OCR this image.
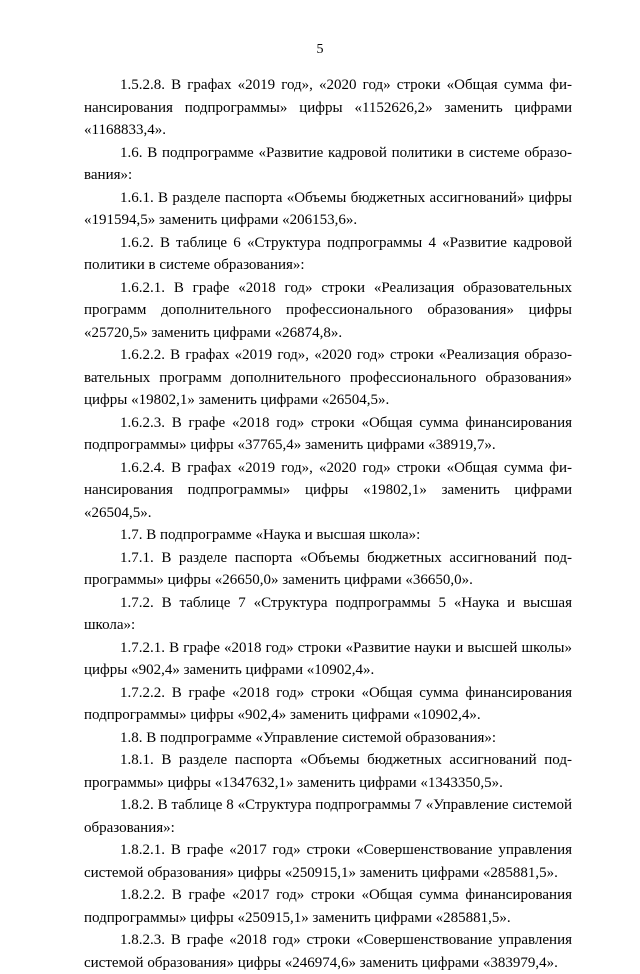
5

1.5.2.8. В графах «2019 год», «2020 год» строки «Общая сумма финансирования подпрограммы» цифры «1152626,2» заменить цифрами «1168833,4».

1.6. В подпрограмме «Развитие кадровой политики в системе образования»:

1.6.1. В разделе паспорта «Объемы бюджетных ассигнований» цифры «191594,5» заменить цифрами «206153,6».

1.6.2. В таблице 6 «Структура подпрограммы 4 «Развитие кадровой политики в системе образования»:

1.6.2.1. В графе «2018 год» строки «Реализация образовательных программ дополнительного профессионального образования» цифры «25720,5» заменить цифрами «26874,8».

1.6.2.2. В графах «2019 год», «2020 год» строки «Реализация образовательных программ дополнительного профессионального образования» цифры «19802,1» заменить цифрами «26504,5».

1.6.2.3. В графе «2018 год» строки «Общая сумма финансирования подпрограммы» цифры «37765,4» заменить цифрами «38919,7».

1.6.2.4. В графах «2019 год», «2020 год» строки «Общая сумма финансирования подпрограммы» цифры «19802,1» заменить цифрами «26504,5».

1.7. В подпрограмме «Наука и высшая школа»:

1.7.1. В разделе паспорта «Объемы бюджетных ассигнований подпрограммы» цифры «26650,0» заменить цифрами «36650,0».

1.7.2. В таблице 7 «Структура подпрограммы 5 «Наука и высшая школа»:

1.7.2.1. В графе «2018 год» строки «Развитие науки и высшей школы» цифры «902,4» заменить цифрами «10902,4».

1.7.2.2. В графе «2018 год» строки «Общая сумма финансирования подпрограммы» цифры «902,4» заменить цифрами «10902,4».

1.8. В подпрограмме «Управление системой образования»:

1.8.1. В разделе паспорта «Объемы бюджетных ассигнований подпрограммы» цифры «1347632,1» заменить цифрами «1343350,5».

1.8.2. В таблице 8 «Структура подпрограммы 7 «Управление системой образования»:

1.8.2.1. В графе «2017 год» строки «Совершенствование управления системой образования» цифры «250915,1» заменить цифрами «285881,5».

1.8.2.2. В графе «2017 год» строки «Общая сумма финансирования подпрограммы» цифры «250915,1» заменить цифрами «285881,5».

1.8.2.3. В графе «2018 год» строки «Совершенствование управления системой образования» цифры «246974,6» заменить цифрами «383979,4».
